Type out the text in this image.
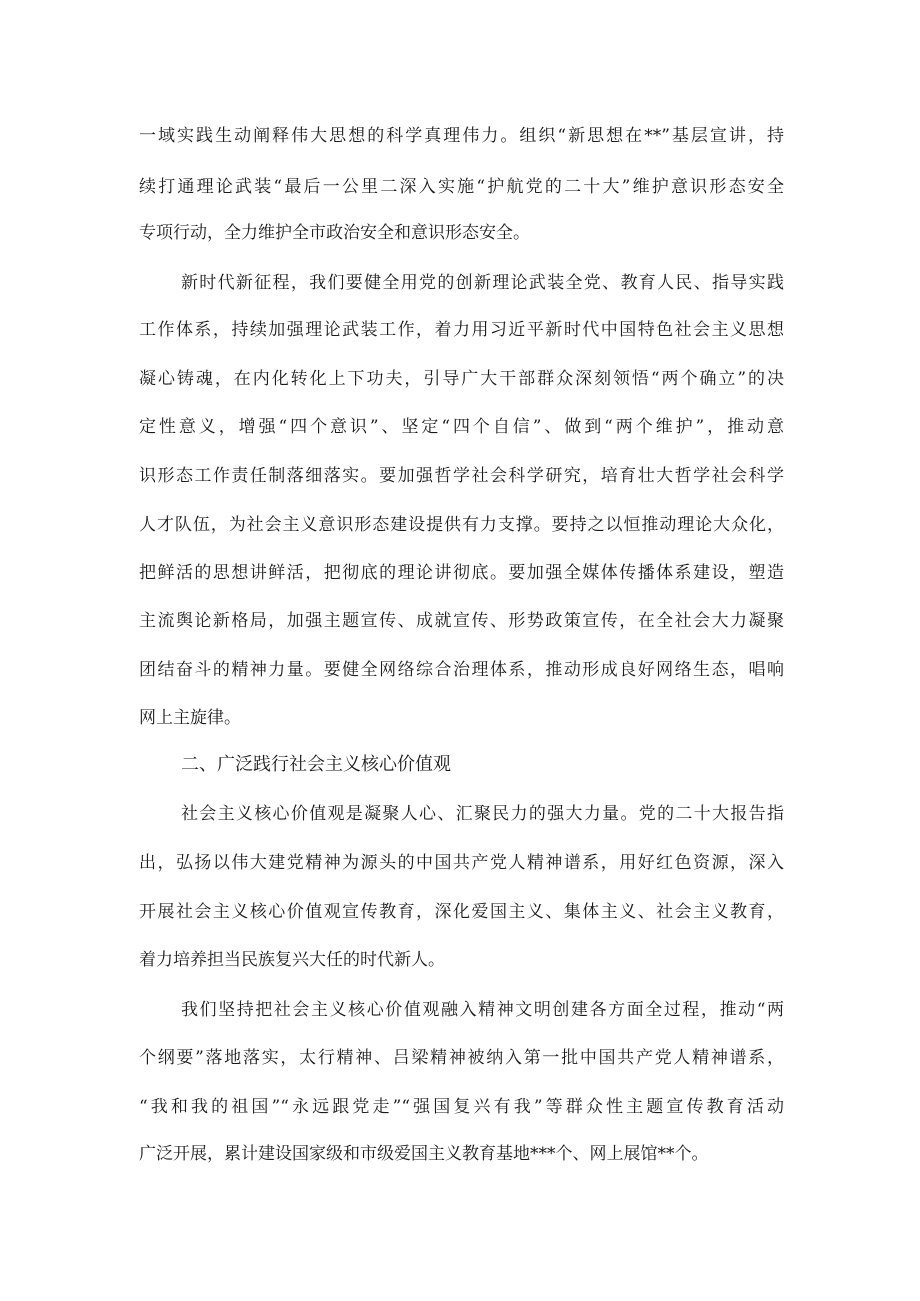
一域实践生动阐释伟大思想的科学真理伟力。组织“新思想在**”基层宣讲，持
续打通理论武装“最后一公里二深入实施“护航党的二十大”维护意识形态安全
专项行动，全力维护全市政治安全和意识形态安全。
新时代新征程，我们要健全用党的创新理论武装全党、教育人民、指导实践
工作体系，持续加强理论武装工作，着力用习近平新时代中国特色社会主义思想
凝心铸魂，在内化转化上下功夫，引导广大干部群众深刻领悟“两个确立”的决
定性意义，增强“四个意识”、坚定“四个自信”、做到“两个维护”，推动意
识形态工作责任制落细落实。要加强哲学社会科学研究，培育壮大哲学社会科学
人才队伍，为社会主义意识形态建设提供有力支撑。要持之以恒推动理论大众化，
把鲜活的思想讲鲜活，把彻底的理论讲彻底。要加强全媒体传播体系建设，塑造
主流舆论新格局，加强主题宣传、成就宣传、形势政策宣传，在全社会大力凝聚
团结奋斗的精神力量。要健全网络综合治理体系，推动形成良好网络生态，唱响
网上主旋律。
二、广泛践行社会主义核心价值观
社会主义核心价值观是凝聚人心、汇聚民力的强大力量。党的二十大报告指
出，弘扬以伟大建党精神为源头的中国共产党人精神谱系，用好红色资源，深入
开展社会主义核心价值观宣传教育，深化爱国主义、集体主义、社会主义教育，
着力培养担当民族复兴大任的时代新人。
我们坚持把社会主义核心价值观融入精神文明创建各方面全过程，推动“两
个纲要”落地落实，太行精神、吕梁精神被纳入第一批中国共产党人精神谱系，
“我和我的祖国”“永远跟党走”“强国复兴有我”等群众性主题宣传教育活动
广泛开展，累计建设国家级和市级爱国主义教育基地***个、网上展馆**个。
